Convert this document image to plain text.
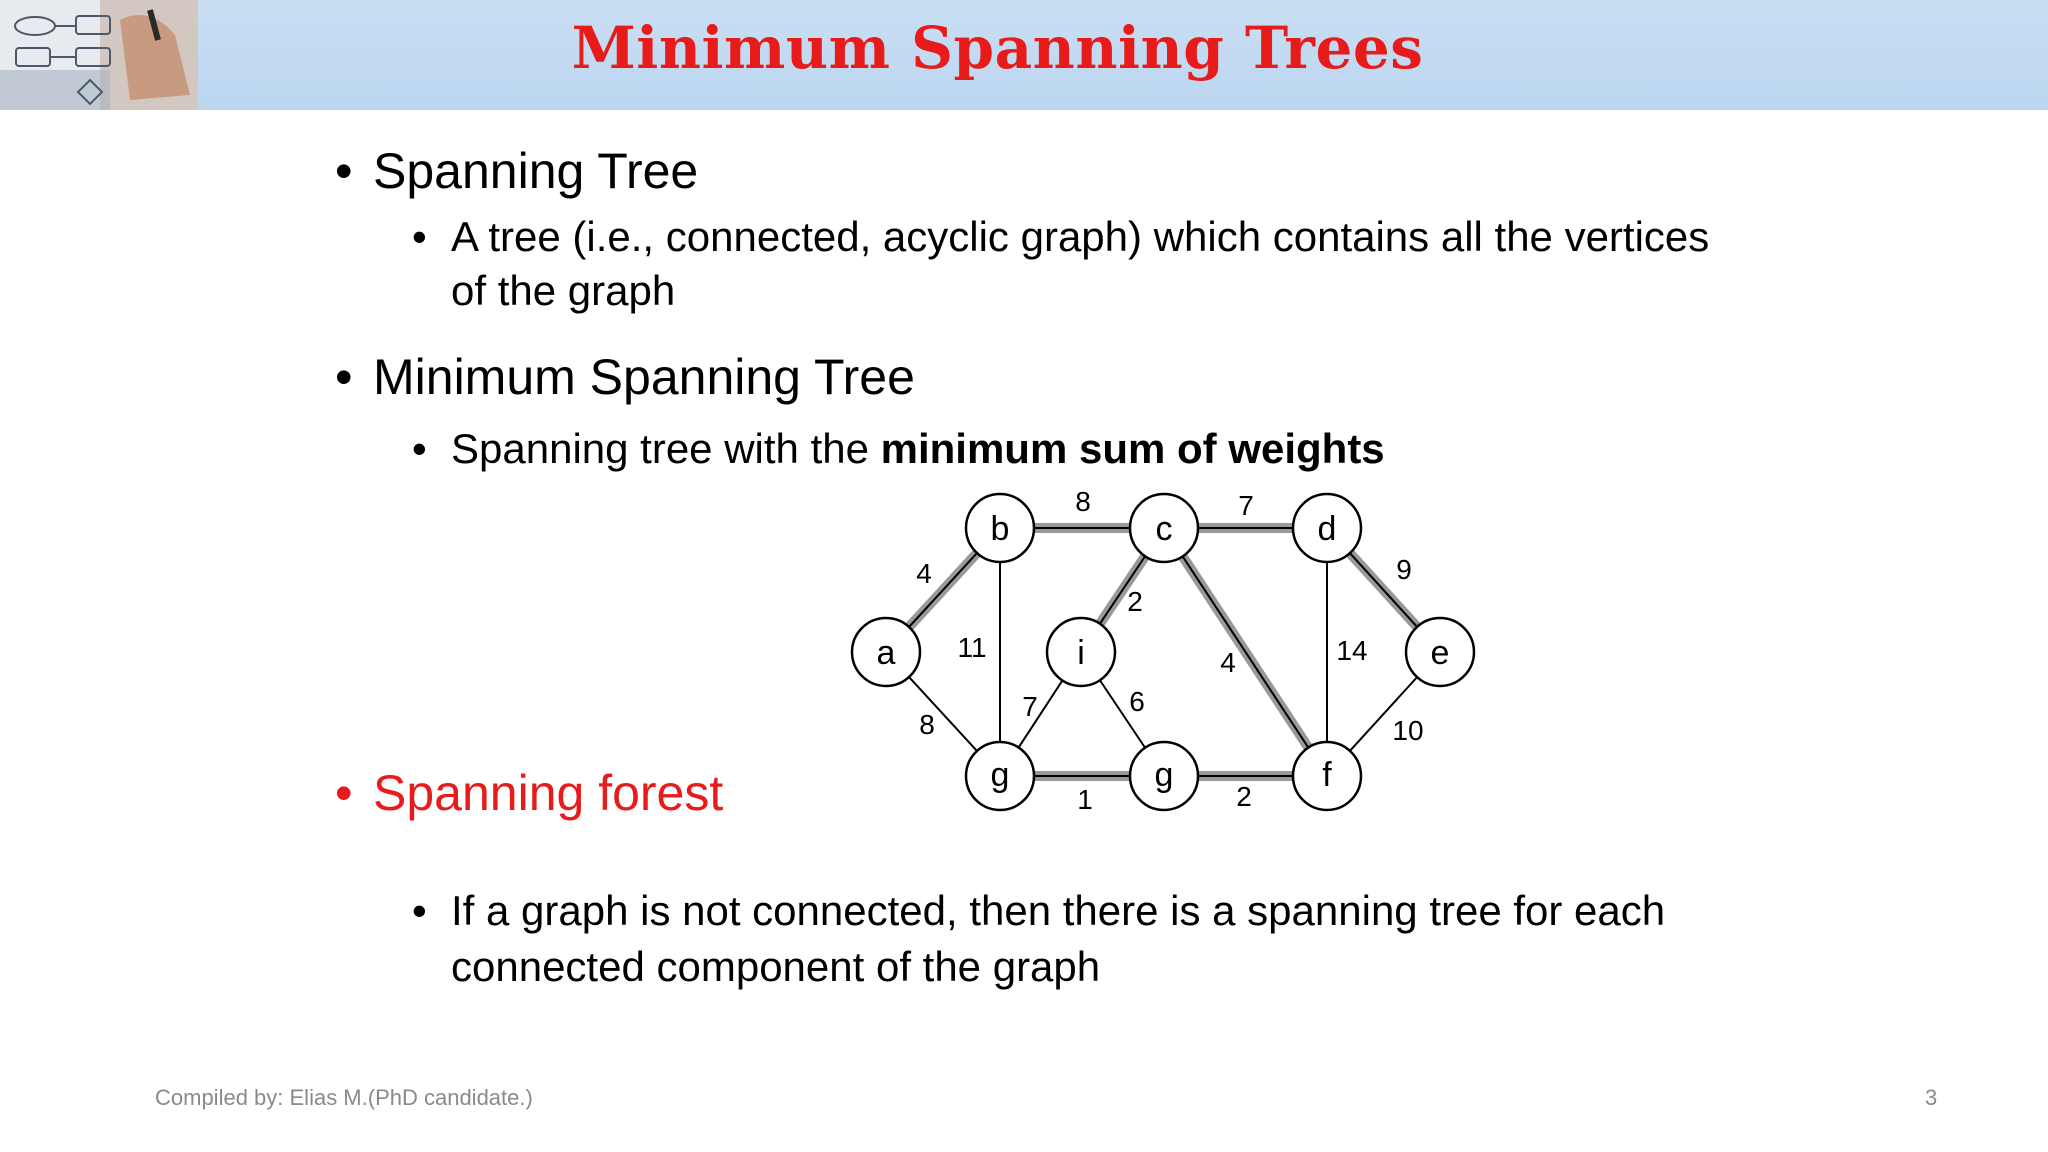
Minimum Spanning Trees
• Spanning Tree
• A tree (i.e., connected, acyclic graph) which contains all the vertices
of the graph
• Minimum Spanning Tree
• Spanning tree with the minimum sum of weights
• Spanning forest
• If a graph is not connected, then there is a spanning tree for each
connected component of the graph
a
b	c	d
e
i
g	g	f
4
8	7
9
11
8
2
4	14
10
7	6
1	2
Compiled by: Elias M.(PhD candidate.)	3
